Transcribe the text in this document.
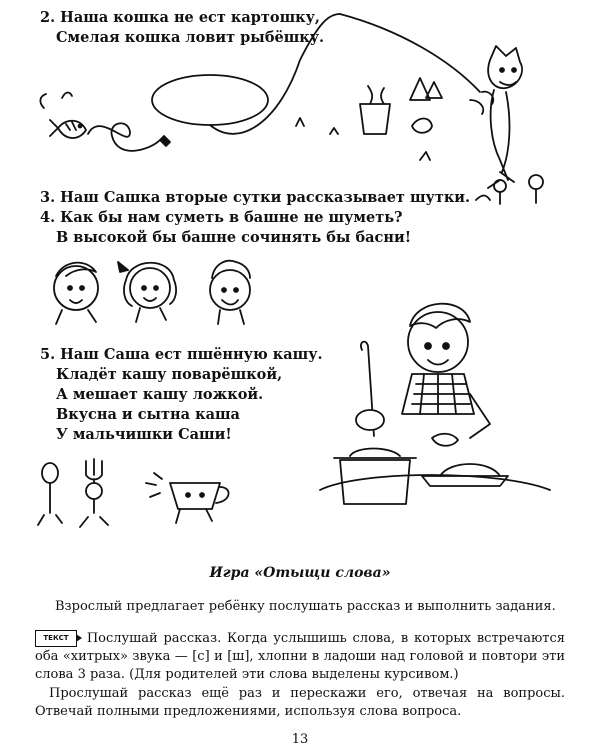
2. Наша кошка не ест картошку,
Смелая кошка ловит рыбёшку.
3. Наш Сашка вторые сутки рассказывает шутки.
4. Как бы нам суметь в башне не шуметь?
В высокой бы башне сочинять бы басни!
5. Наш Саша ест пшённую кашу.
Кладёт кашу поварёшкой,
А мешает кашу ложкой.
Вкусна и сытна каша
У мальчишки Саши!
Игра «Отыщи слова»
Взрослый предлагает ребёнку послушать рассказ и выполнить задания.
ТЕКСТ Послушай рассказ. Когда услышишь слова, в которых встречаются оба «хитрых» звука — [с] и [ш], хлопни в ладоши над головой и повтори эти слова 3 раза. (Для родителей эти слова выделены курсивом.)
Прослушай рассказ ещё раз и перескажи его, отвечая на вопросы. Отвечай полными предложениями, используя слова вопроса.
13
